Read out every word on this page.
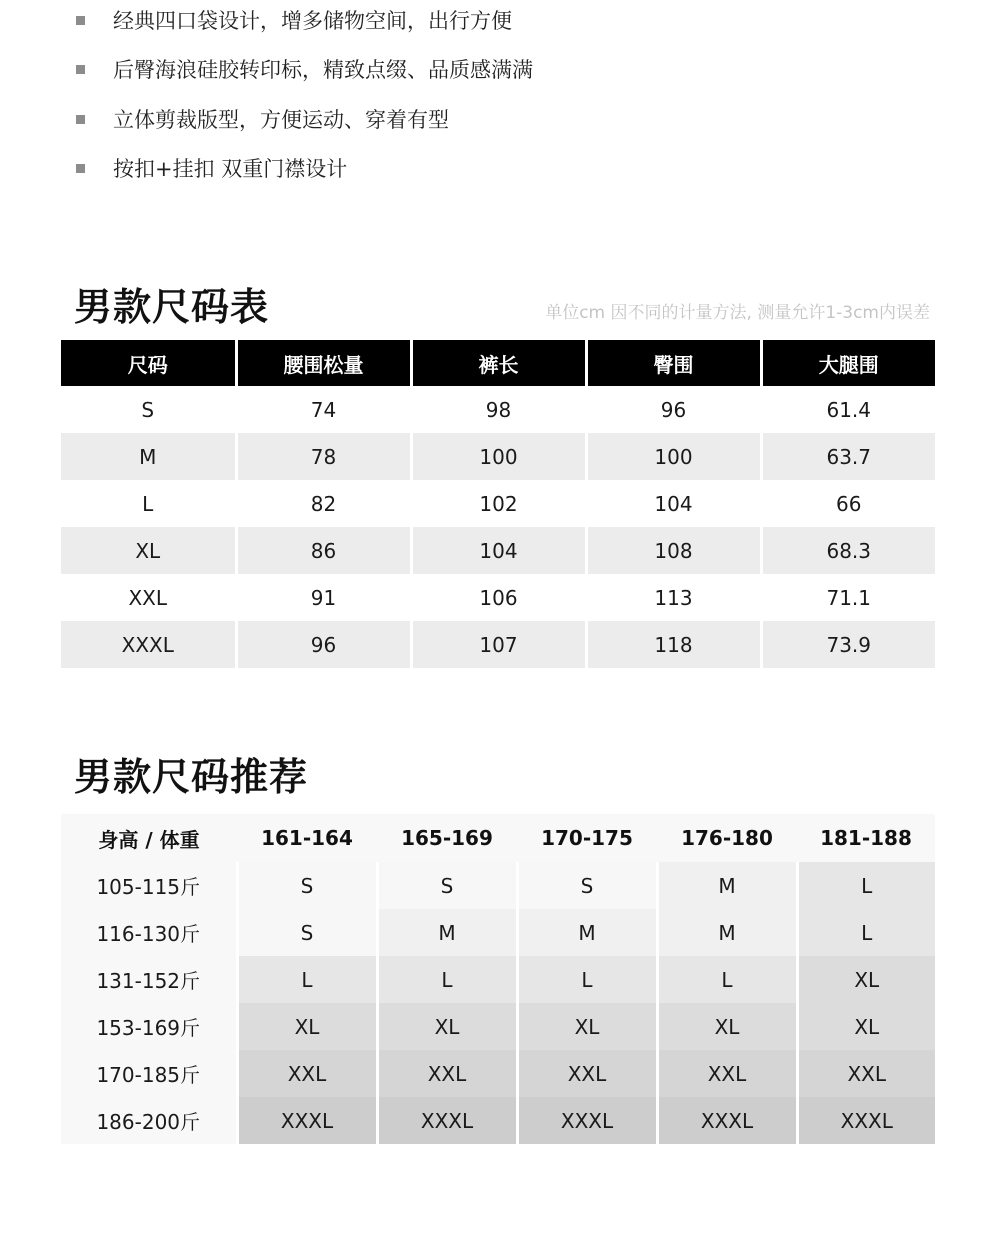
经典四口袋设计，增多储物空间，出行方便
后臀海浪硅胶转印标，精致点缀、品质感满满
立体剪裁版型，方便运动、穿着有型
按扣+挂扣 双重门襟设计
男款尺码表	单位cm 因不同的计量方法, 测量允许1-3cm内误差
尺码	腰围松量	裤长	臀围	大腿围
S	74	98	96	61.4
M	78	100	100	63.7
L	82	102	104	66
XL	86	104	108	68.3
XXL	91	106	113	71.1
XXXL	96	107	118	73.9
男款尺码推荐
身高 / 体重	161-164	165-169	170-175	176-180	181-188
105-115斤	S	S	S	M	L
116-130斤	S	M	M	M	L
131-152斤	L	L	L	L	XL
153-169斤	XL	XL	XL	XL	XL
170-185斤	XXL	XXL	XXL	XXL	XXL
186-200斤	XXXL	XXXL	XXXL	XXXL	XXXL
